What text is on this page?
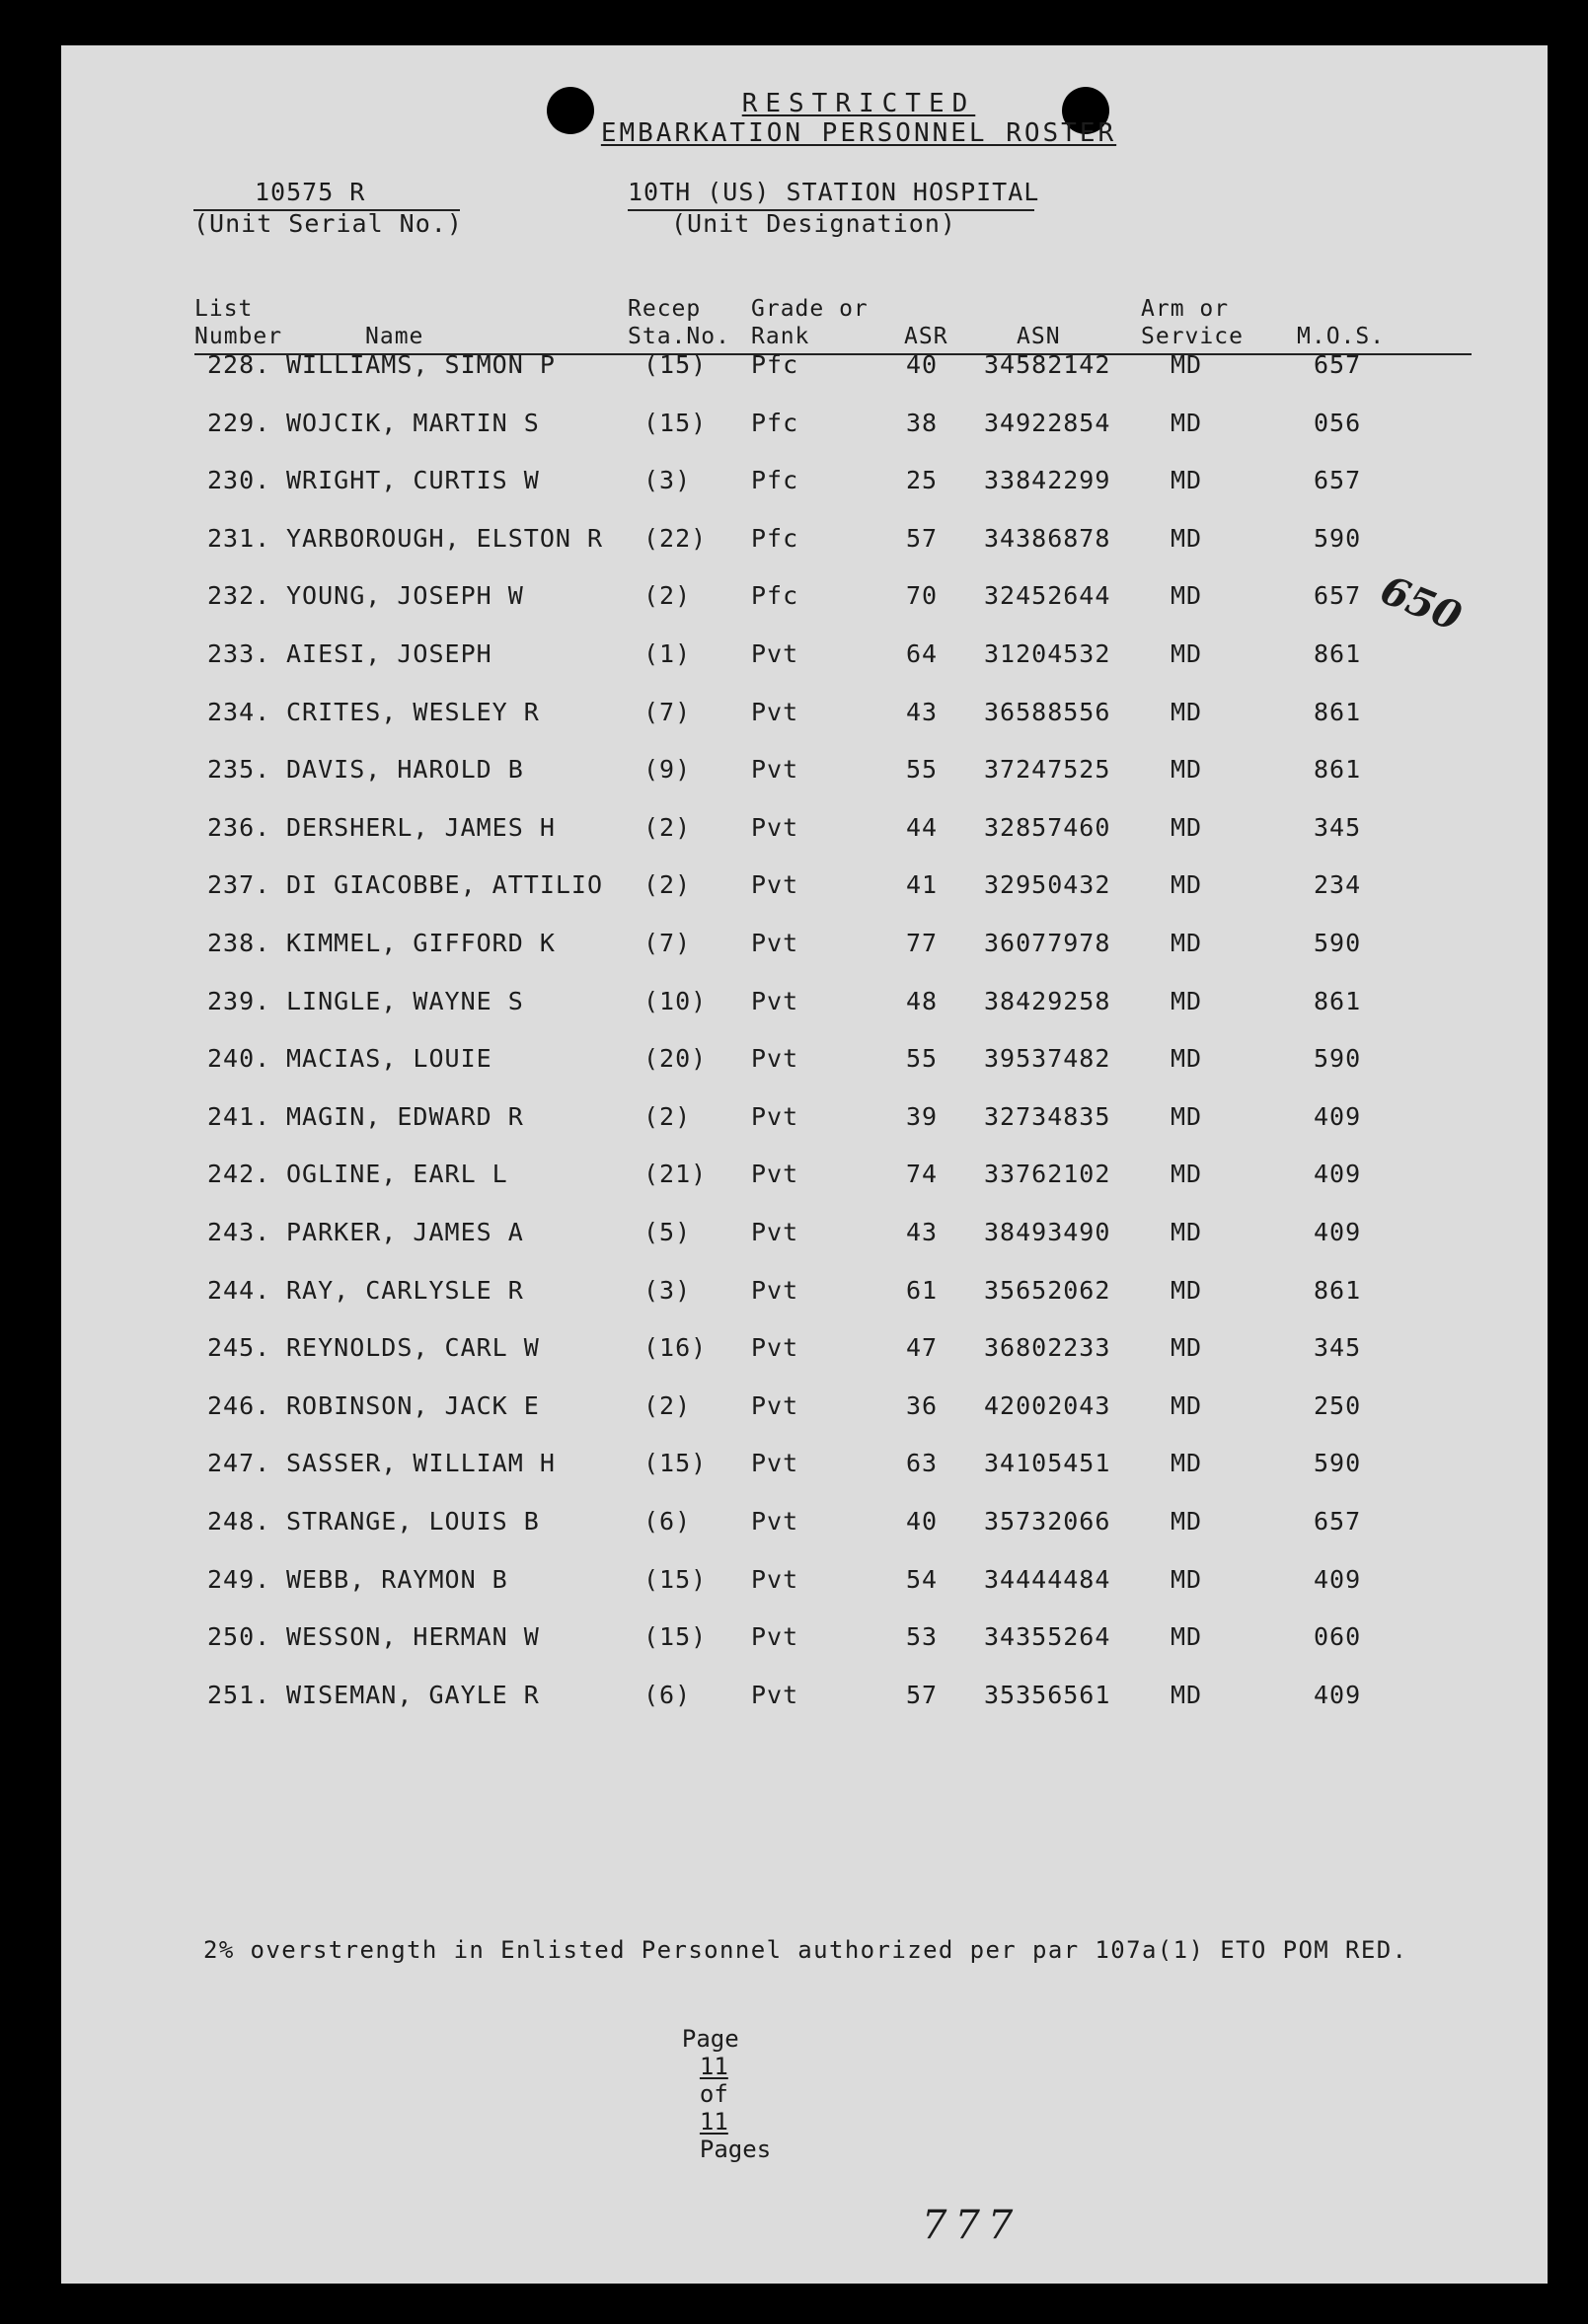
RESTRICTED
EMBARKATION PERSONNEL ROSTER
10575 R
(Unit Serial No.)
10TH (US) STATION HOSPITAL
(Unit Designation)
List
Number	Name
Recep
Sta.No.
Grade or
Rank	ASR	ASN
Arm or
Service M.O.S.
228. WILLIAMS, SIMON P	(15) Pfc	40 34582142 MD	657
229. WOJCIK, MARTIN S	(15) Pfc	38 34922854 MD	056
230. WRIGHT, CURTIS W	(3) Pfc	25 33842299 MD	657
231. YARBOROUGH, ELSTON R (22) Pfc	57 34386878 MD	590
232. YOUNG, JOSEPH W	(2) Pfc	70 32452644 MD	657
233. AIESI, JOSEPH	(1) Pvt	64 31204532 MD	861
234. CRITES, WESLEY R	(7) Pvt	43 36588556 MD	861
235. DAVIS, HAROLD B	(9) Pvt	55 37247525 MD	861
236. DERSHERL, JAMES H	(2) Pvt	44 32857460 MD	345
237. DI GIACOBBE, ATTILIO (2) Pvt	41 32950432 MD	234
238. KIMMEL, GIFFORD K	(7) Pvt	77 36077978 MD	590
239. LINGLE, WAYNE S	(10) Pvt	48 38429258 MD	861
240. MACIAS, LOUIE	(20) Pvt	55 39537482 MD	590
241. MAGIN, EDWARD R	(2) Pvt	39 32734835 MD	409
242. OGLINE, EARL L	(21) Pvt	74 33762102 MD	409
243. PARKER, JAMES A	(5) Pvt	43 38493490 MD	409
244. RAY, CARLYSLE R	(3) Pvt	61 35652062 MD	861
245. REYNOLDS, CARL W	(16) Pvt	47 36802233 MD	345
246. ROBINSON, JACK E	(2) Pvt	36 42002043 MD	250
247. SASSER, WILLIAM H	(15) Pvt	63 34105451 MD	590
248. STRANGE, LOUIS B	(6) Pvt	40 35732066 MD	657
249. WEBB, RAYMON B	(15) Pvt	54 34444484 MD	409
250. WESSON, HERMAN W	(15) Pvt	53 34355264 MD	060
251. WISEMAN, GAYLE R	(6) Pvt	57 35356561 MD	409
2% overstrength in Enlisted Personnel authorized per par 107a(1) ETO POM RED.

Page
11
of
11
Pages

650
777
